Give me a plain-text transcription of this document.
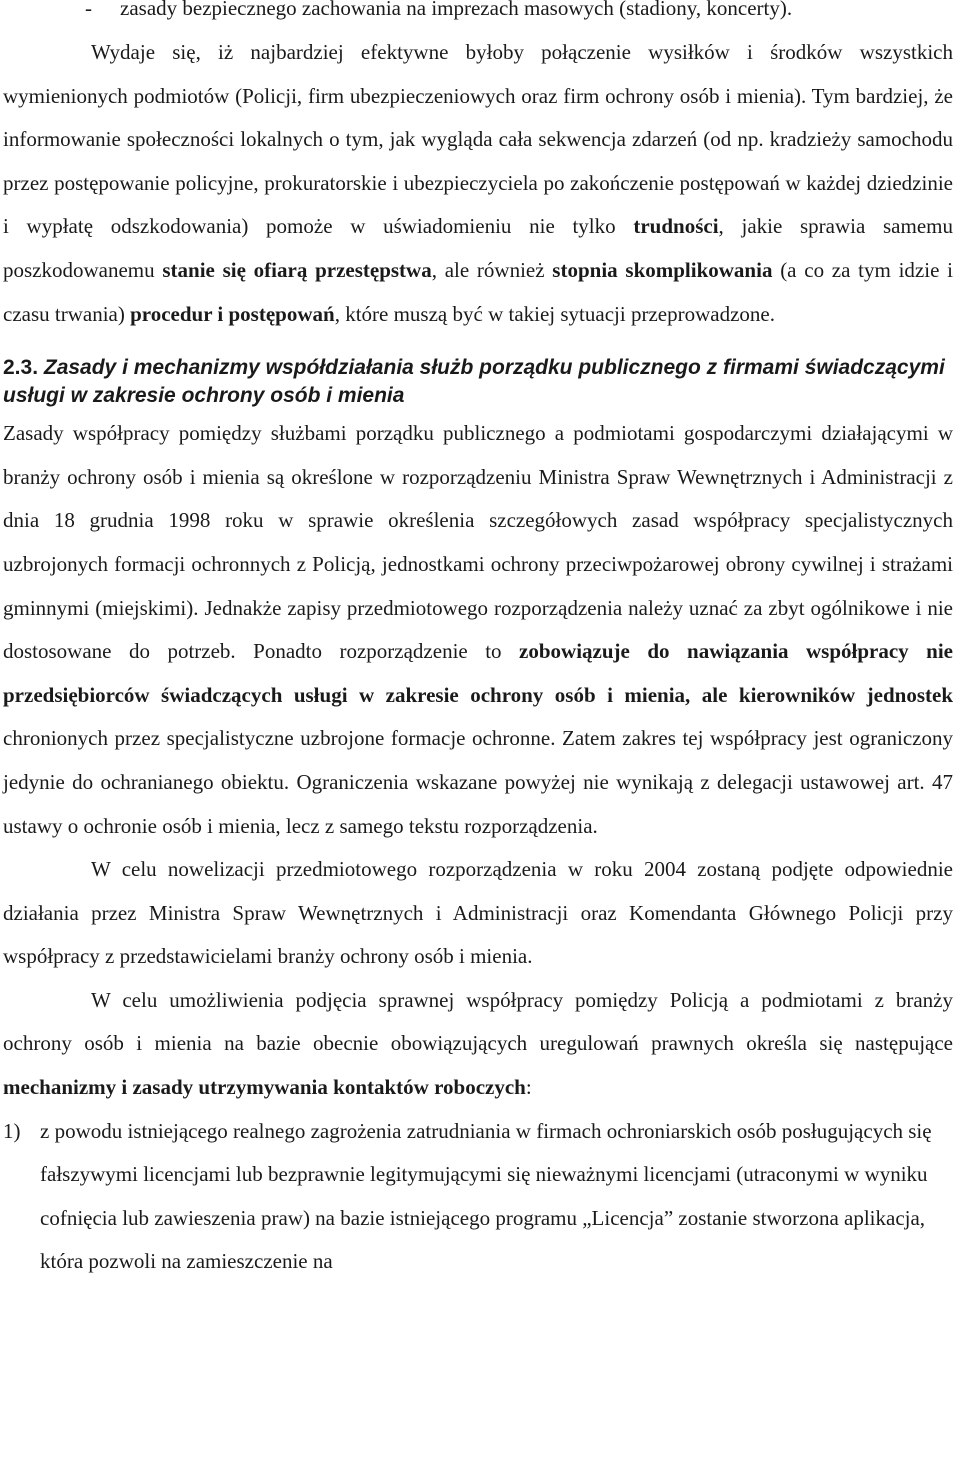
- zasady bezpiecznego zachowania na imprezach masowych (stadiony, koncerty).

Wydaje się, iż najbardziej efektywne byłoby połączenie wysiłków i środków wszystkich wymienionych podmiotów (Policji, firm ubezpieczeniowych oraz firm ochrony osób i mienia). Tym bardziej, że informowanie społeczności lokalnych o tym, jak wygląda cała sekwencja zdarzeń (od np. kradzieży samochodu przez postępowanie policyjne, prokuratorskie i ubezpieczyciela po zakończenie postępowań w każdej dziedzinie i wypłatę odszkodowania) pomoże w uświadomieniu nie tylko trudności, jakie sprawia samemu poszkodowanemu stanie się ofiarą przestępstwa, ale również stopnia skomplikowania (a co za tym idzie i czasu trwania) procedur i postępowań, które muszą być w takiej sytuacji przeprowadzone.

2.3. Zasady i mechanizmy współdziałania służb porządku publicznego z firmami świadczącymi usługi w zakresie ochrony osób i mienia

Zasady współpracy pomiędzy służbami porządku publicznego a podmiotami gospodarczymi działającymi w branży ochrony osób i mienia są określone w rozporządzeniu Ministra Spraw Wewnętrznych i Administracji z dnia 18 grudnia 1998 roku w sprawie określenia szczegółowych zasad współpracy specjalistycznych uzbrojonych formacji ochronnych z Policją, jednostkami ochrony przeciwpożarowej obrony cywilnej i strażami gminnymi (miejskimi). Jednakże zapisy przedmiotowego rozporządzenia należy uznać za zbyt ogólnikowe i nie dostosowane do potrzeb. Ponadto rozporządzenie to zobowiązuje do nawiązania współpracy nie przedsiębiorców świadczących usługi w zakresie ochrony osób i mienia, ale kierowników jednostek chronionych przez specjalistyczne uzbrojone formacje ochronne. Zatem zakres tej współpracy jest ograniczony jedynie do ochranianego obiektu. Ograniczenia wskazane powyżej nie wynikają z delegacji ustawowej art. 47 ustawy o ochronie osób i mienia, lecz z samego tekstu rozporządzenia.

W celu nowelizacji przedmiotowego rozporządzenia w roku 2004 zostaną podjęte odpowiednie działania przez Ministra Spraw Wewnętrznych i Administracji oraz Komendanta Głównego Policji przy współpracy z przedstawicielami branży ochrony osób i mienia.

W celu umożliwienia podjęcia sprawnej współpracy pomiędzy Policją a podmiotami z branży ochrony osób i mienia na bazie obecnie obowiązujących uregulowań prawnych określa się następujące mechanizmy i zasady utrzymywania kontaktów roboczych:

1) z powodu istniejącego realnego zagrożenia zatrudniania w firmach ochroniarskich osób posługujących się fałszywymi licencjami lub bezprawnie legitymującymi się nieważnymi licencjami (utraconymi w wyniku cofnięcia lub zawieszenia praw) na bazie istniejącego programu „Licencja” zostanie stworzona aplikacja, która pozwoli na zamieszczenie na
